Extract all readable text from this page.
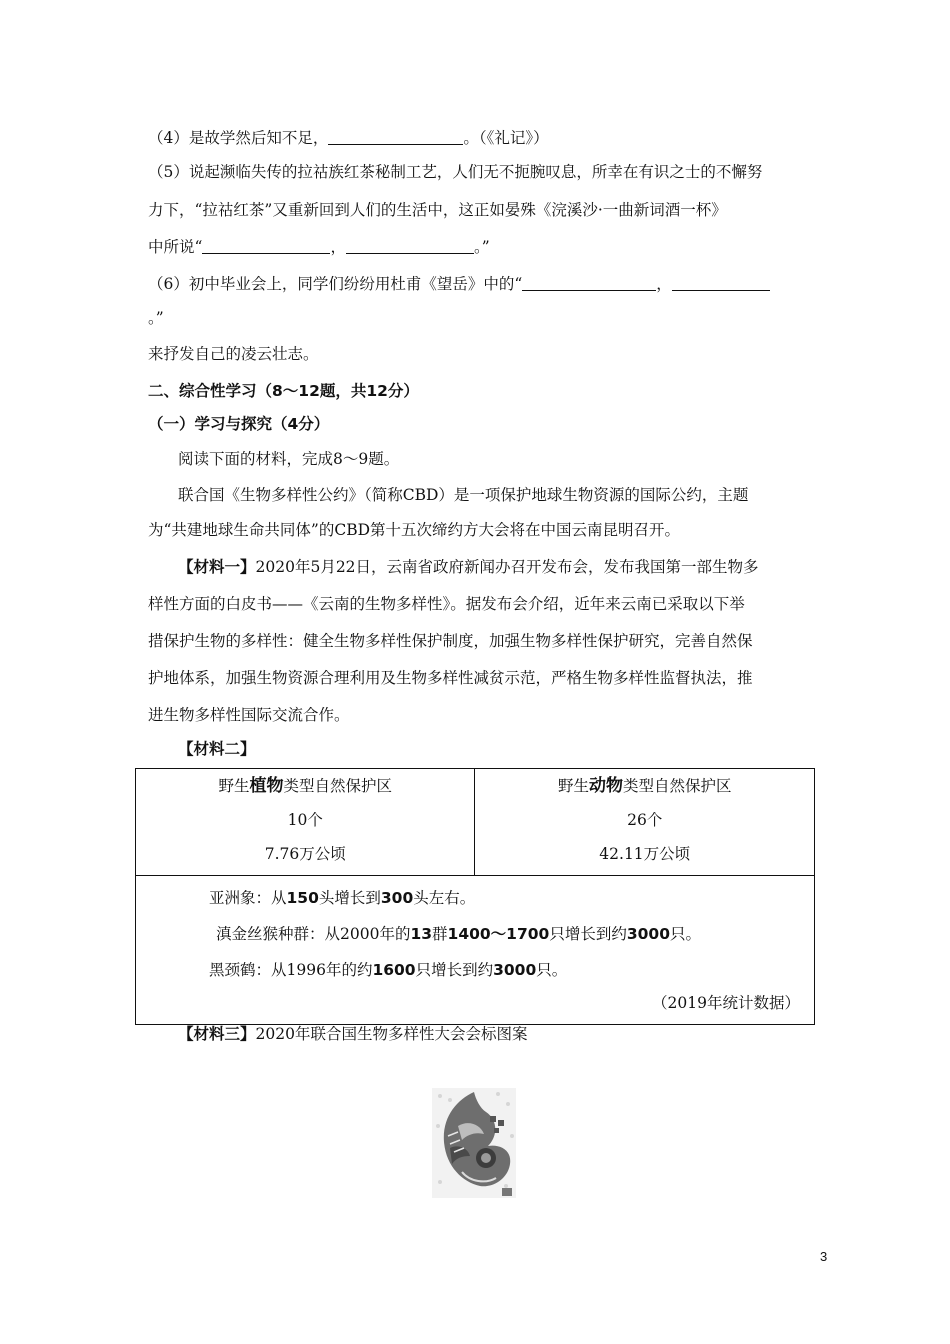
（4）是故学然后知不足，	。（《礼记》）
（5）说起濒临失传的拉祜族红茶秘制工艺，人们无不扼腕叹息，所幸在有识之士的不懈努
力下，“拉祜红茶”又重新回到人们的生活中，这正如晏殊《浣溪沙·一曲新词酒一杯》
中所说“	，	。”
（6）初中毕业会上，同学们纷纷用杜甫《望岳》中的“	，
。”
来抒发自己的凌云壮志。
二、综合性学习（8～12题，共12分）
（一）学习与探究（4分）
阅读下面的材料，完成8～9题。
联合国《生物多样性公约》（简称CBD）是一项保护地球生物资源的国际公约，主题
为“共建地球生命共同体”的CBD第十五次缔约方大会将在中国云南昆明召开。
【材料一】2020年5月22日，云南省政府新闻办召开发布会，发布我国第一部生物多
样性方面的白皮书——《云南的生物多样性》。据发布会介绍，近年来云南已采取以下举
措保护生物的多样性：健全生物多样性保护制度，加强生物多样性保护研究，完善自然保
护地体系，加强生物资源合理利用及生物多样性减贫示范，严格生物多样性监督执法，推
进生物多样性国际交流合作。
【材料二】
野生植物类型自然保护区
10个
7.76万公顷

野生动物类型自然保护区
26个
42.11万公顷

亚洲象：从150头增长到300头左右。
滇金丝猴种群：从2000年的13群1400～1700只增长到约3000只。
黑颈鹤：从1996年的约1600只增长到约3000只。
（2019年统计数据）
【材料三】2020年联合国生物多样性大会会标图案
3
